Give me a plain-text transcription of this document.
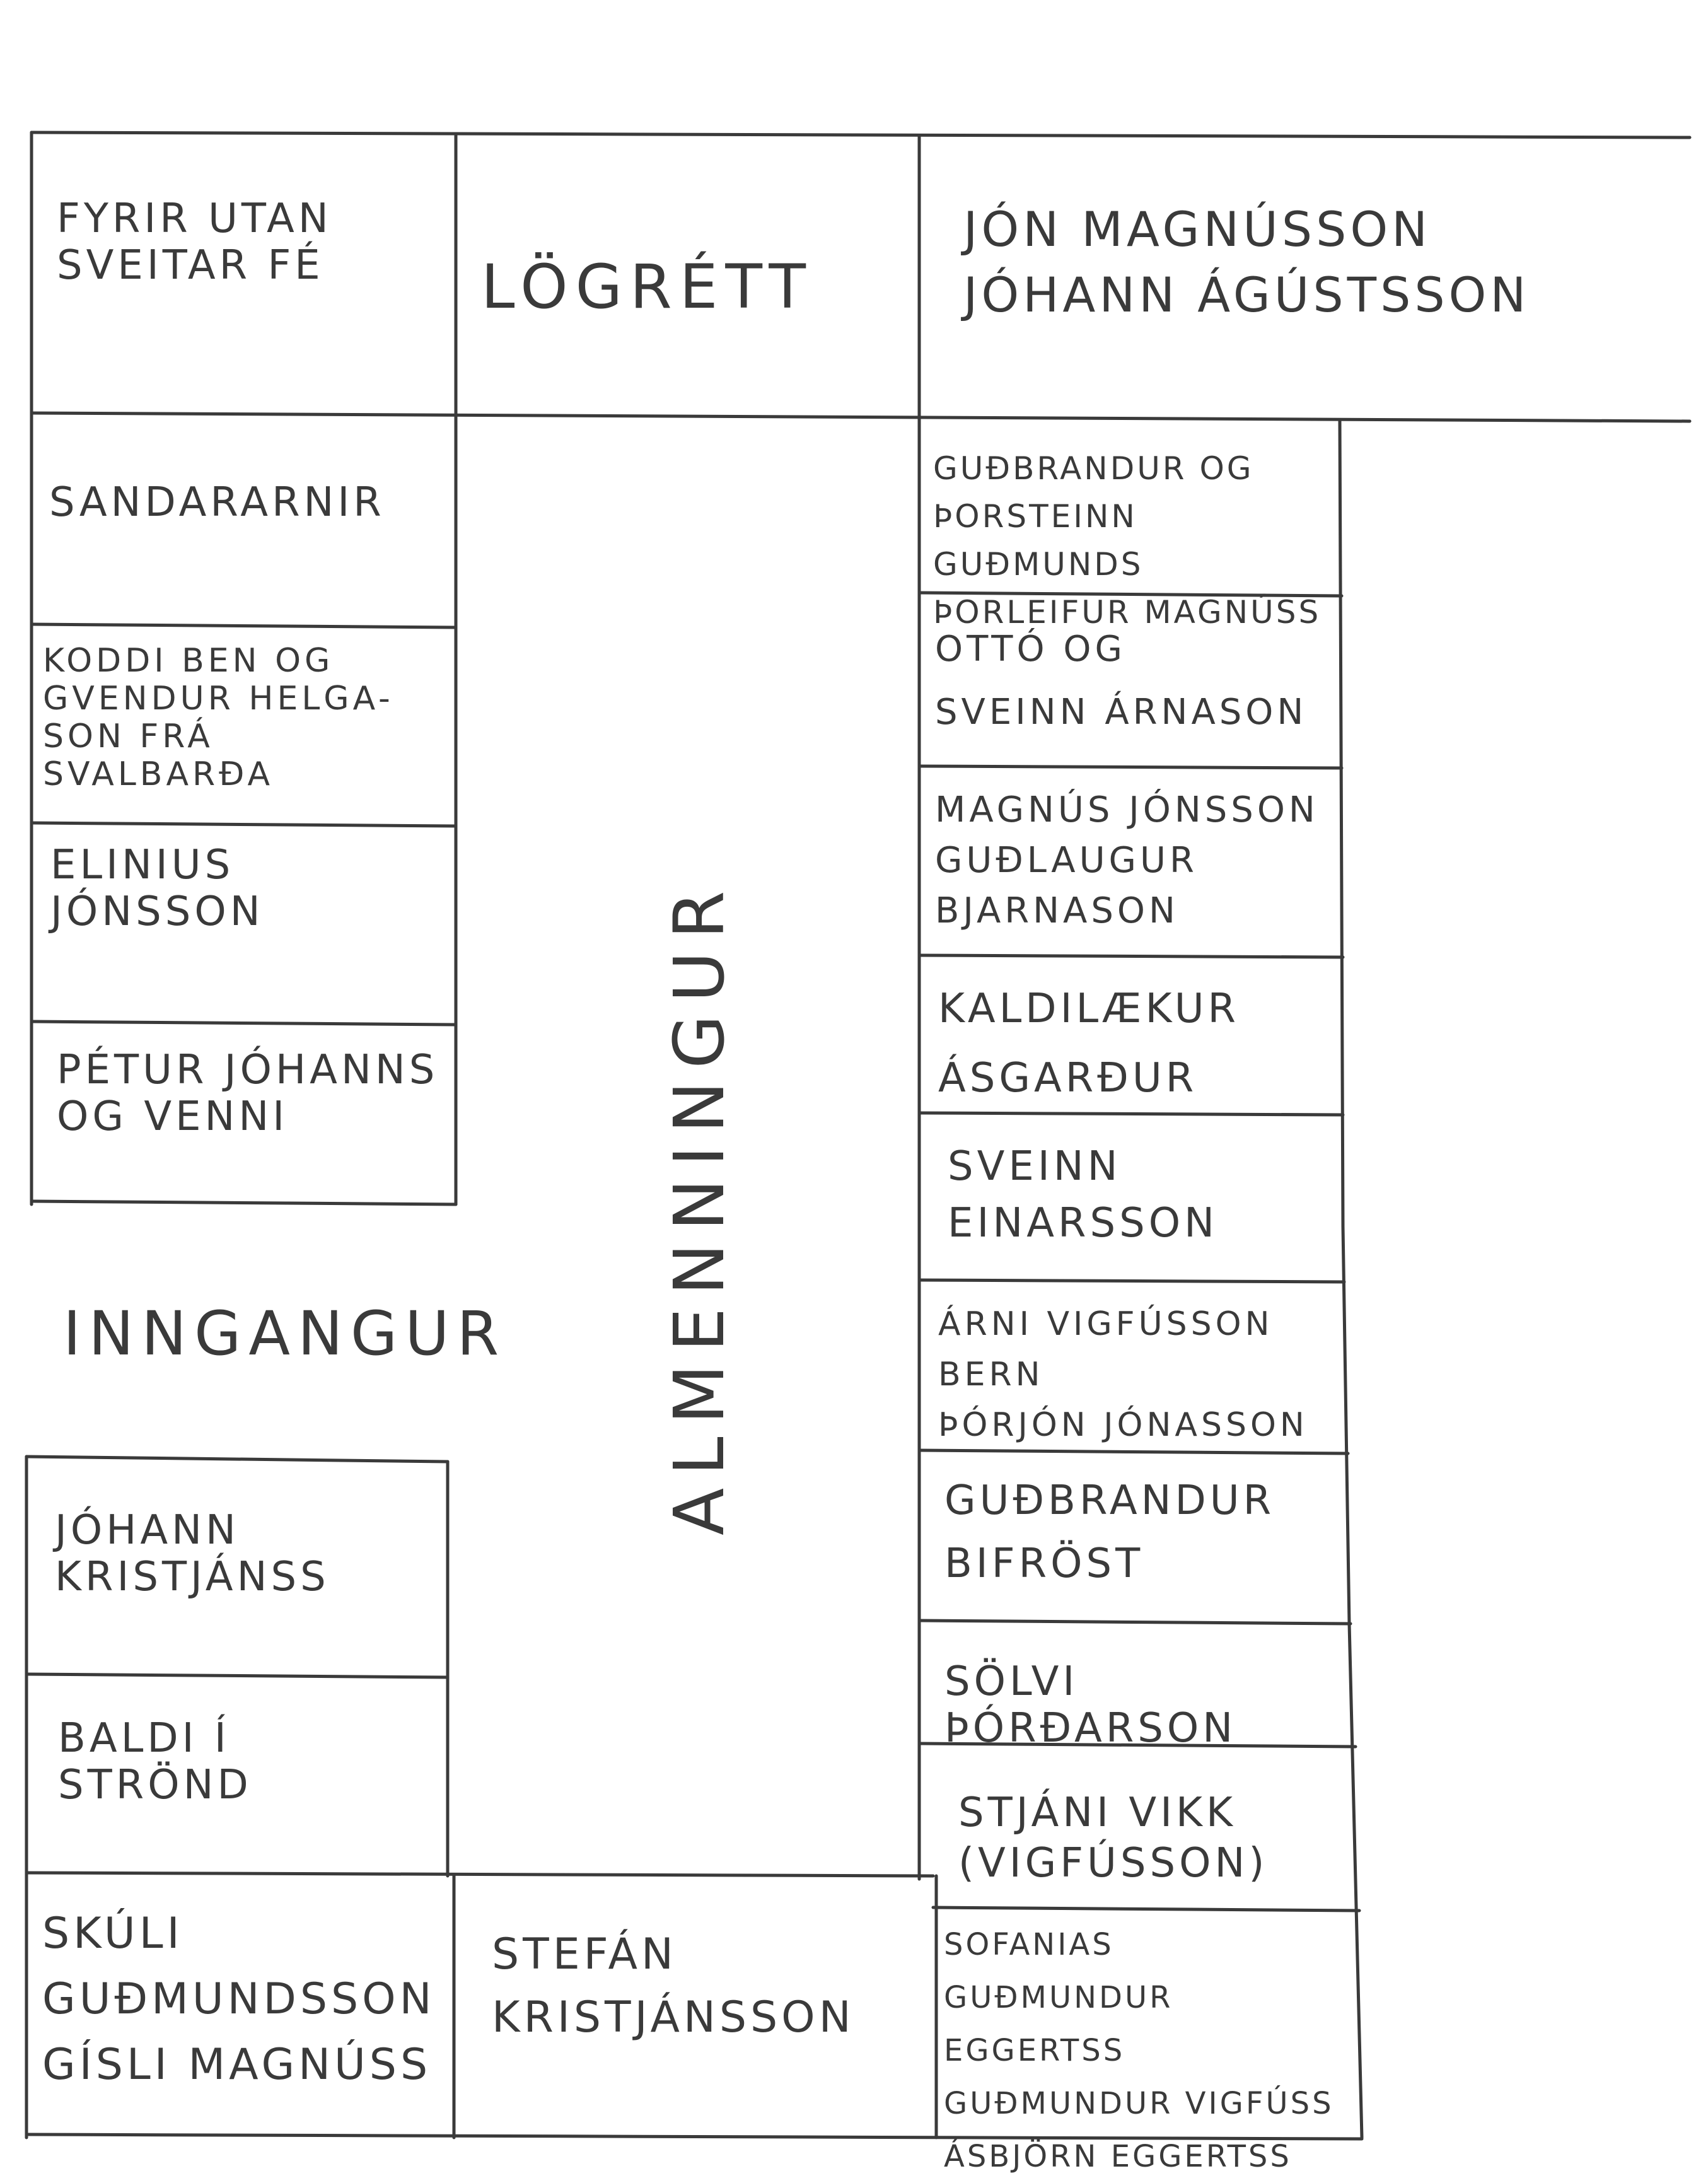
FYRIR UTAN
SVEITAR FÉ	LÖGRÉTT
JÓN MAGNÚSSON
JÓHANN ÁGÚSTSSON
SANDARARNIR
KODDI BEN OG
GVENDUR HELGA-
SON FRÁ
SVALBARÐA
ELINIUS
JÓNSSON
PÉTUR JÓHANNS
OG VENNI
INNGANGUR
JÓHANN
KRISTJÁNSS
BALDI Í
STRÖND
SKÚLI
GUÐMUNDSSON
GÍSLI MAGNÚSS
STEFÁN
KRISTJÁNSSON
ALMENNINGUR
GUÐBRANDUR OG
ÞORSTEINN GUÐMUNDS
ÞORLEIFUR MAGNÚSS
OTTÓ OG
SVEINN ÁRNASON
MAGNÚS JÓNSSON
GUÐLAUGUR
BJARNASON
KALDILÆKUR
ÁSGARÐUR
SVEINN
EINARSSON
ÁRNI VIGFÚSSON
BERN
ÞÓRJÓN JÓNASSON
GUÐBRANDUR
BIFRÖST
SÖLVI ÞÓRÐARSON
STJÁNI VIKK
(VIGFÚSSON)
SOFANIAS
GUÐMUNDUR EGGERTSS
GUÐMUNDUR VIGFÚSS
ÁSBJÖRN EGGERTSS
